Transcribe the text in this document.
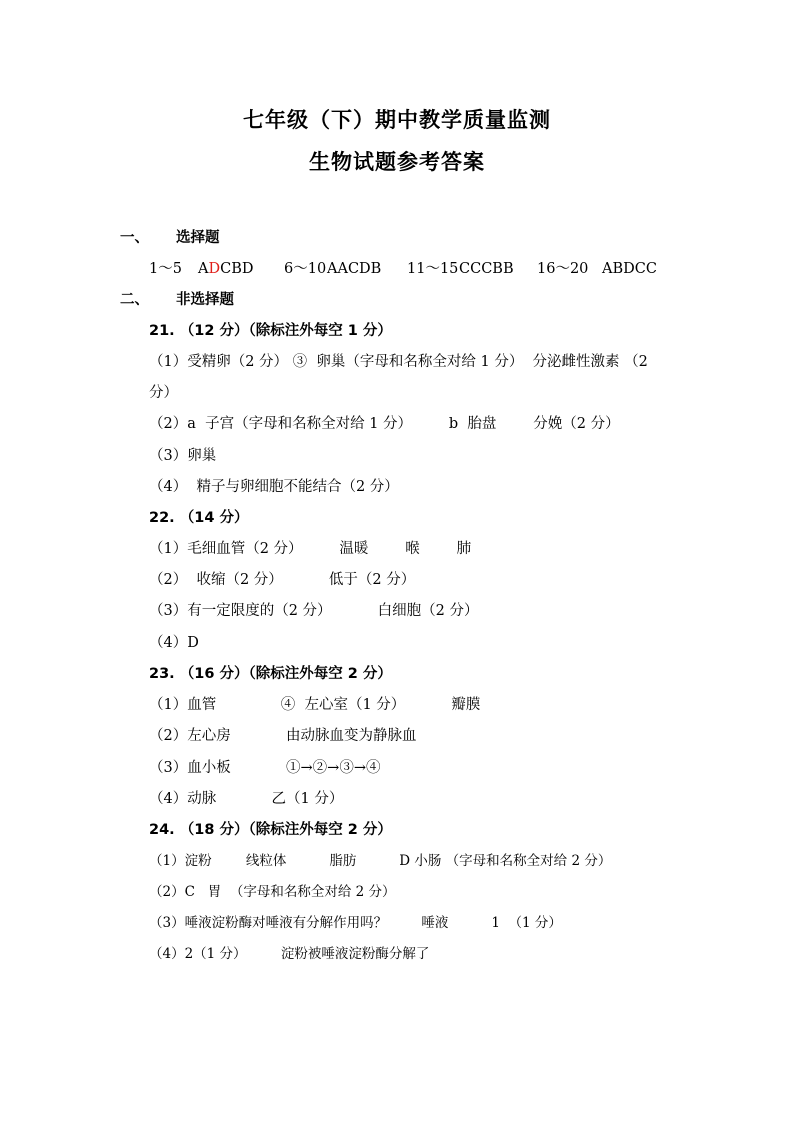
七年级（下）期中教学质量监测
生物试题参考答案
一、 选择题
1～5 ADCBD 6～10 AACDB 11～15 CCCBB 16～20 ABDCC
二、 非选择题
21. （12 分）（除标注外每空 1 分）
（1）受精卵（2 分） ③  卵巢（字母和名称全对给 1 分）  分泌雌性激素 （2
分）
（2）a  子宫（字母和名称全对给 1 分）        b  胎盘        分娩（2 分）
（3）卵巢
（4）  精子与卵细胞不能结合（2 分）
22. （14 分）
（1）毛细血管（2 分）        温暖        喉        肺
（2）  收缩（2 分）          低于（2 分）
（3）有一定限度的（2 分）          白细胞（2 分）
（4）D
23. （16 分）（除标注外每空 2 分）
（1）血管              ④  左心室（1 分）          瓣膜
（2）左心房            由动脉血变为静脉血
（3）血小板            ①→②→③→④
（4）动脉            乙（1 分）
24. （18 分）（除标注外每空 2 分）
（1）淀粉        线粒体          脂肪          D 小肠 （字母和名称全对给 2 分）
（2）C   胃  （字母和名称全对给 2 分）
（3）唾液淀粉酶对唾液有分解作用吗？        唾液          1  （1 分）
（4）2（1 分）        淀粉被唾液淀粉酶分解了
